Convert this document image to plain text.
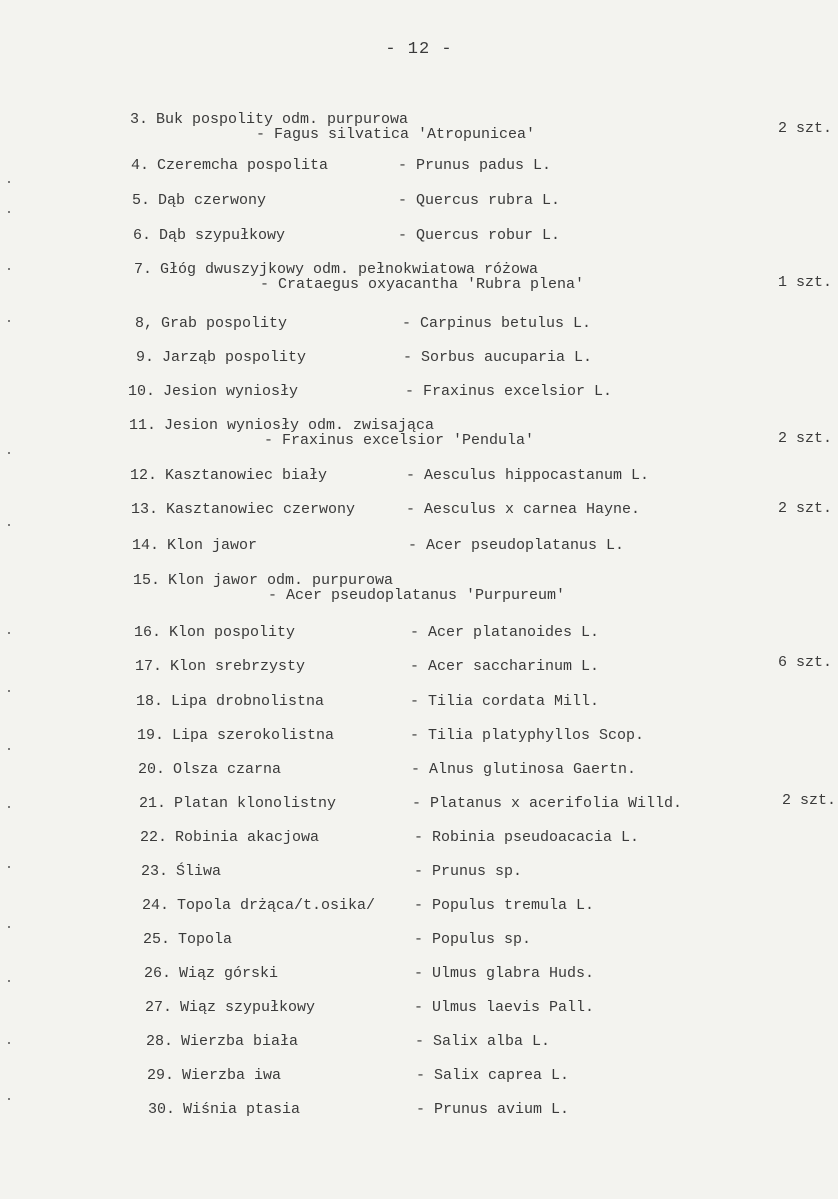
- 12 -
3. Buk pospolity odm. purpurowa
- Fagus silvatica 'Atropunicea'	2 szt.
4. Czeremcha pospolita	- Prunus padus L.
5. Dąb czerwony	- Quercus rubra L.
6. Dąb szypułkowy	- Quercus robur L.
7. Głóg dwuszyjkowy odm. pełnokwiatowa różowa
- Crataegus oxyacantha 'Rubra plena'	1 szt.
8, Grab pospolity	- Carpinus betulus L.
9. Jarząb pospolity	- Sorbus aucuparia L.
10. Jesion wyniosły	- Fraxinus excelsior L.
11. Jesion wyniosły odm. zwisająca
- Fraxinus excelsior 'Pendula'	2 szt.
12. Kasztanowiec biały	- Aesculus hippocastanum L.
13. Kasztanowiec czerwony	- Aesculus x carnea Hayne.	2 szt.
14. Klon jawor	- Acer pseudoplatanus L.
15. Klon jawor odm. purpurowa
- Acer pseudoplatanus 'Purpureum'
16. Klon pospolity	- Acer platanoides L.
17. Klon srebrzysty	- Acer saccharinum L.	6 szt.
18. Lipa drobnolistna	- Tilia cordata Mill.
19. Lipa szerokolistna	- Tilia platyphyllos Scop.
20. Olsza czarna	- Alnus glutinosa Gaertn.
21. Platan klonolistny	- Platanus x acerifolia Willd.	2 szt.
22. Robinia akacjowa	- Robinia pseudoacacia L.
23. Śliwa	- Prunus sp.
24. Topola drżąca/t.osika/	- Populus tremula L.
25. Topola	- Populus sp.
26. Wiąz górski	- Ulmus glabra Huds.
27. Wiąz szypułkowy	- Ulmus laevis Pall.
28. Wierzba biała	- Salix alba L.
29. Wierzba iwa	- Salix caprea L.
30. Wiśnia ptasia	- Prunus avium L.
